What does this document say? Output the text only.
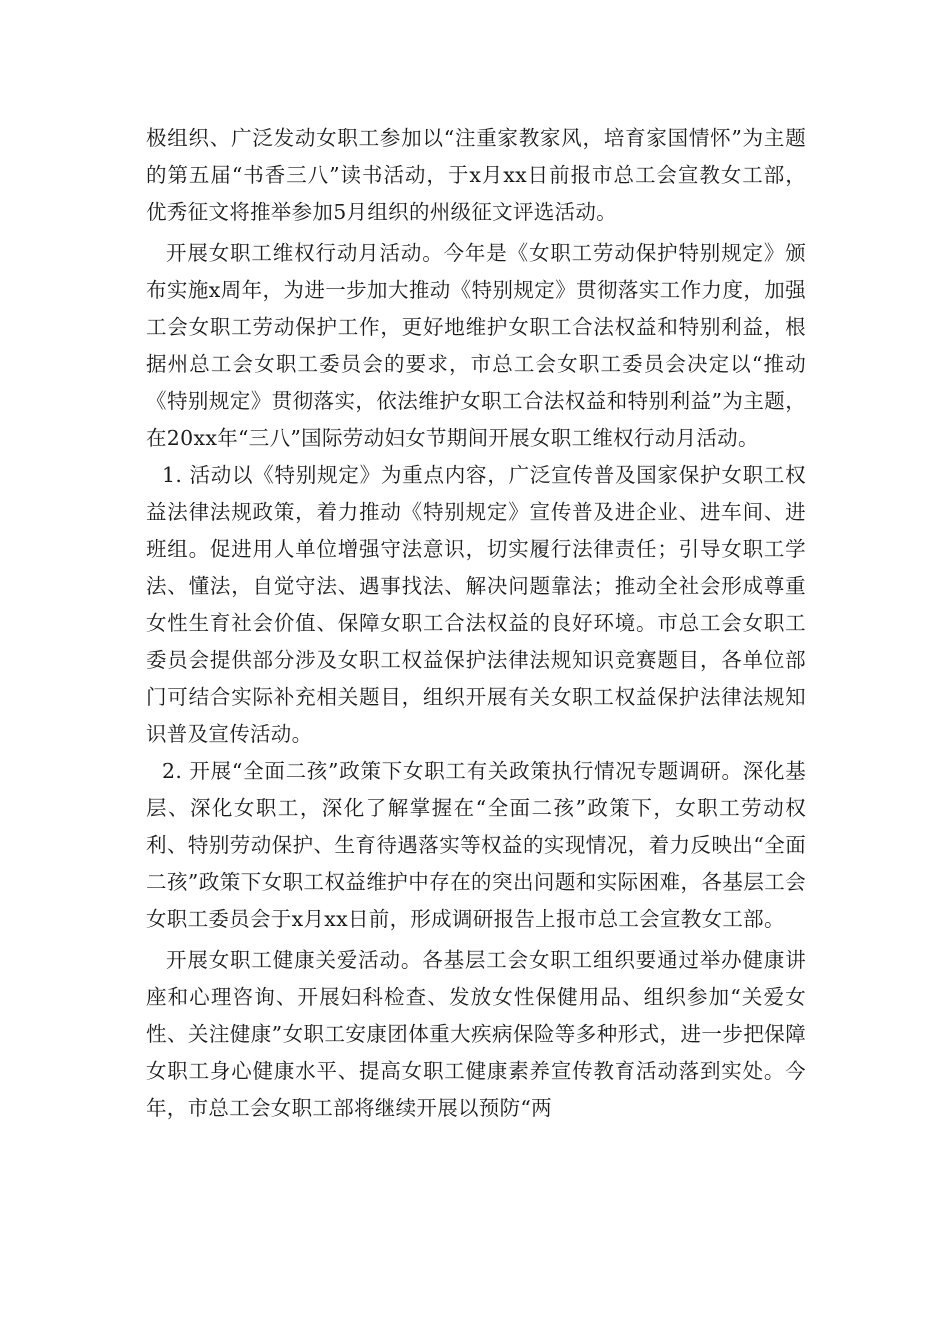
极组织、广泛发动女职工参加以“注重家教家风，培育家国情怀”为主题的第五届“书香三八”读书活动，于x月xx日前报市总工会宣教女工部，优秀征文将推举参加5月组织的州级征文评选活动。

开展女职工维权行动月活动。今年是《女职工劳动保护特别规定》颁布实施x周年，为进一步加大推动《特别规定》贯彻落实工作力度，加强工会女职工劳动保护工作，更好地维护女职工合法权益和特别利益，根据州总工会女职工委员会的要求，市总工会女职工委员会决定以“推动《特别规定》贯彻落实，依法维护女职工合法权益和特别利益”为主题，在20xx年“三八”国际劳动妇女节期间开展女职工维权行动月活动。

1. 活动以《特别规定》为重点内容，广泛宣传普及国家保护女职工权益法律法规政策，着力推动《特别规定》宣传普及进企业、进车间、进班组。促进用人单位增强守法意识，切实履行法律责任；引导女职工学法、懂法，自觉守法、遇事找法、解决问题靠法；推动全社会形成尊重女性生育社会价值、保障女职工合法权益的良好环境。市总工会女职工委员会提供部分涉及女职工权益保护法律法规知识竞赛题目，各单位部门可结合实际补充相关题目，组织开展有关女职工权益保护法律法规知识普及宣传活动。

2. 开展“全面二孩”政策下女职工有关政策执行情况专题调研。深化基层、深化女职工，深化了解掌握在“全面二孩”政策下，女职工劳动权利、特别劳动保护、生育待遇落实等权益的实现情况，着力反映出“全面二孩”政策下女职工权益维护中存在的突出问题和实际困难，各基层工会女职工委员会于x月xx日前，形成调研报告上报市总工会宣教女工部。

开展女职工健康关爱活动。各基层工会女职工组织要通过举办健康讲座和心理咨询、开展妇科检查、发放女性保健用品、组织参加“关爱女性、关注健康”女职工安康团体重大疾病保险等多种形式，进一步把保障女职工身心健康水平、提高女职工健康素养宣传教育活动落到实处。今年，市总工会女职工部将继续开展以预防“两
